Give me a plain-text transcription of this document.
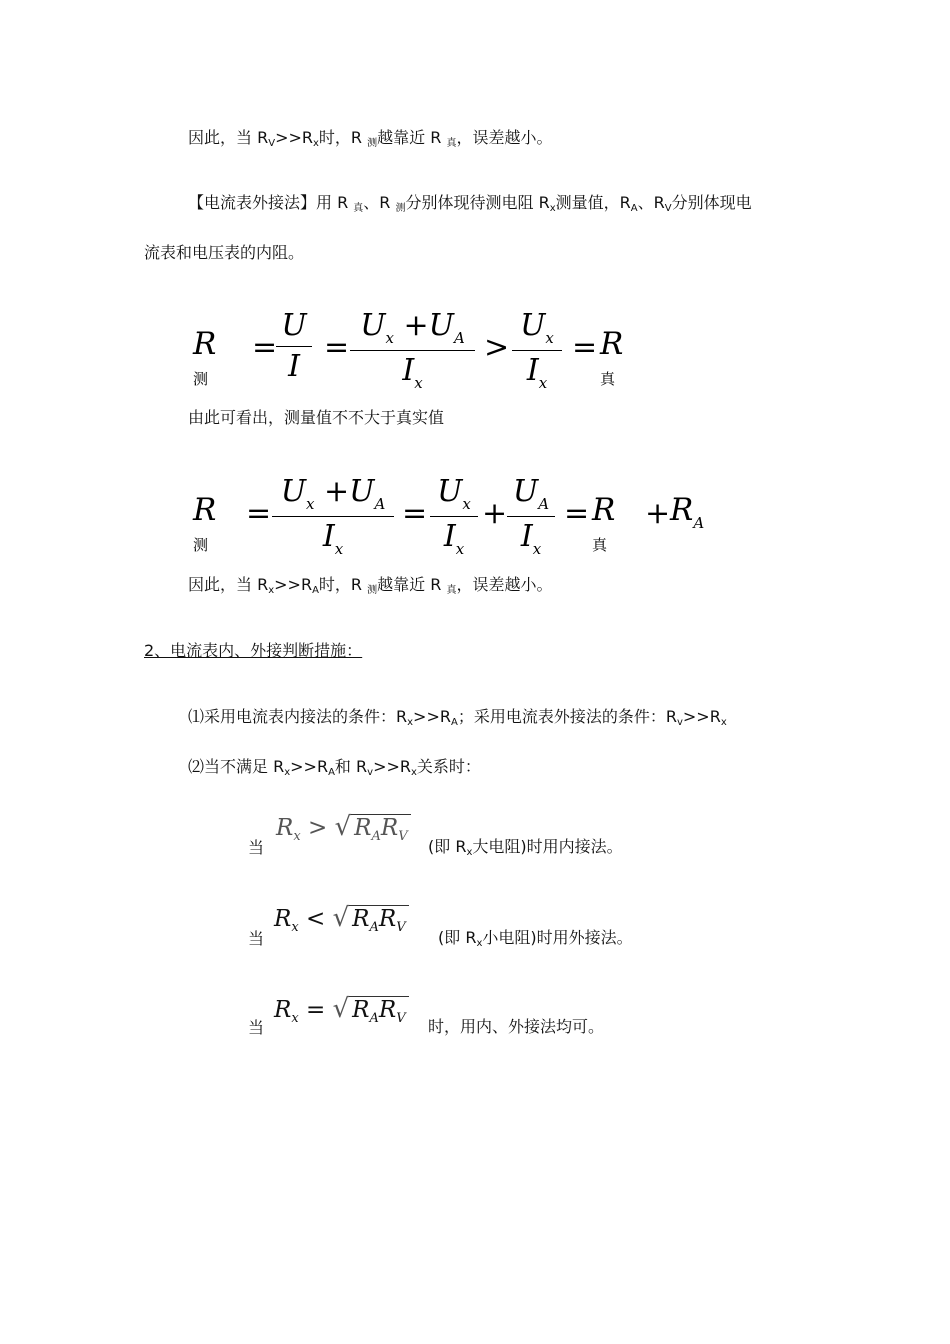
因此，当 RV>>Rx时，R 测越靠近 R 真，误差越小。
【电流表外接法】用 R 真、R 测分别体现待测电阻 Rx测量值，RA、RV分别体现电
流表和电压表的内阻。
R测
=
U
I
=
$U_x +U_A$
$I_x$
>
$U_x$
$I_x$
= R真
由此可看出，测量值不不大于真实值
R测
=
$U_x +U_A$
$I_x$
=
$U_x$
$I_x$
+
$U_A$
$I_x$
= R真
+ RA
因此，当 Rx>>RA时，R 测越靠近 R 真，误差越小。
2、电流表内、外接判断措施：
⑴采用电流表内接法的条件：Rx>>RA；采用电流表外接法的条件：Rv>>Rx
⑵当不满足 Rx>>RA和 Rv>>Rx关系时：
当
$R_x$ > √ $R_AR_V$
(即 Rx大电阻)时用内接法。
当
$R_x$ < √ $R_AR_V$
(即 Rx小电阻)时用外接法。
当
$R_x$ = √ $R_AR_V$ 时，用内、外接法均可。
